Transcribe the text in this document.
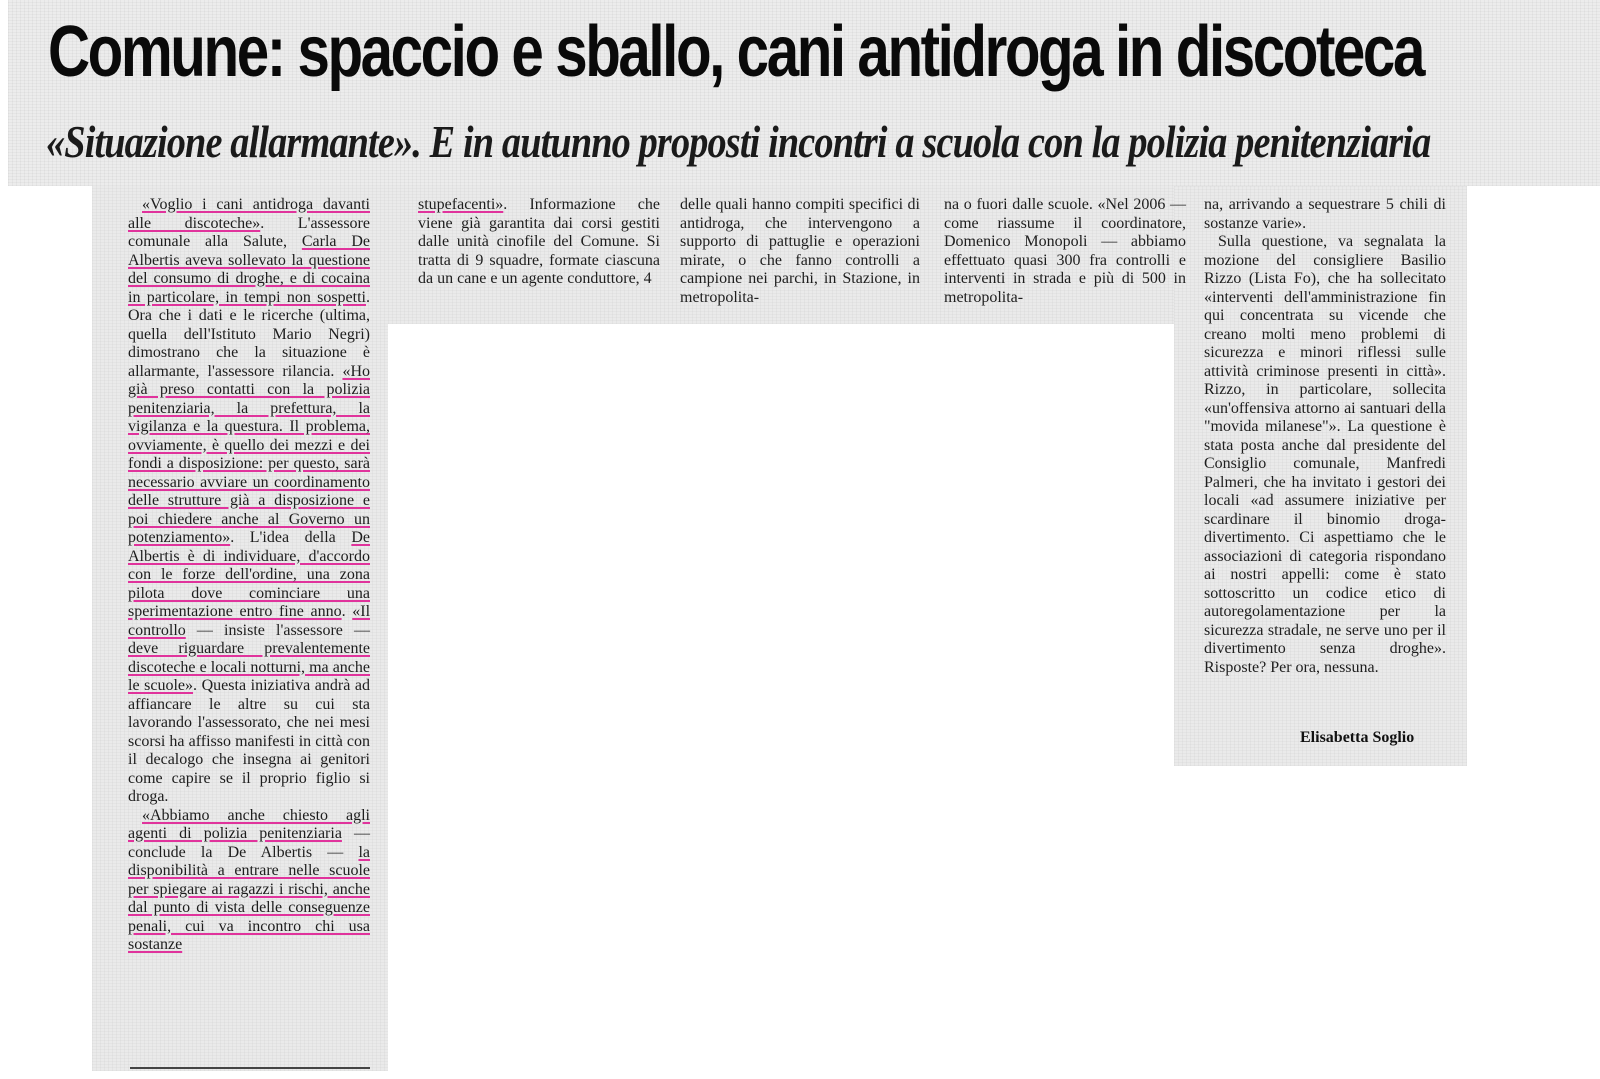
Comune: spaccio e sballo, cani antidroga in discoteca
«Situazione allarmante». E in autunno proposti incontri a scuola con la polizia penitenziaria

«Voglio i cani antidroga davanti alle discoteche». L'assessore comunale alla Salute, Carla De Albertis aveva sollevato la questione del consumo di droghe, e di cocaina in particolare, in tempi non sospetti. Ora che i dati e le ricerche (ultima, quella dell'Istituto Mario Negri) dimostrano che la situazione è allarmante, l'assessore rilancia. «Ho già preso contatti con la polizia penitenziaria, la prefettura, la vigilanza e la questura. Il problema, ovviamente, è quello dei mezzi e dei fondi a disposizione: per questo, sarà necessario avviare un coordinamento delle strutture già a disposizione e poi chiedere anche al Governo un potenziamento». L'idea della De Albertis è di individuare, d'accordo con le forze dell'ordine, una zona pilota dove cominciare una sperimentazione entro fine anno. «Il controllo — insiste l'assessore — deve riguardare prevalentemente discoteche e locali notturni, ma anche le scuole». Questa iniziativa andrà ad affiancare le altre su cui sta lavorando l'assessorato, che nei mesi scorsi ha affisso manifesti in città con il decalogo che insegna ai genitori come capire se il proprio figlio si droga.

«Abbiamo anche chiesto agli agenti di polizia penitenziaria — conclude la De Albertis — la disponibilità a entrare nelle scuole per spiegare ai ragazzi i rischi, anche dal punto di vista delle conseguenze penali, cui va incontro chi usa sostanze

stupefacenti». Informazione che viene già garantita dai corsi gestiti dalle unità cinofile del Comune. Si tratta di 9 squadre, formate ciascuna da un cane e un agente conduttore, 4

delle quali hanno compiti specifici di antidroga, che intervengono a supporto di pattuglie e operazioni mirate, o che fanno controlli a campione nei parchi, in Stazione, in metropolita-

na o fuori dalle scuole. «Nel 2006 — come riassume il coordinatore, Domenico Monopoli — abbiamo effettuato quasi 300 fra controlli e interventi in strada e più di 500 in metropolita-

na, arrivando a sequestrare 5 chili di sostanze varie».

Sulla questione, va segnalata la mozione del consigliere Basilio Rizzo (Lista Fo), che ha sollecitato «interventi dell'amministrazione fin qui concentrata su vicende che creano molti meno problemi di sicurezza e minori riflessi sulle attività criminose presenti in città». Rizzo, in particolare, sollecita «un'offensiva attorno ai santuari della "movida milanese"». La questione è stata posta anche dal presidente del Consiglio comunale, Manfredi Palmeri, che ha invitato i gestori dei locali «ad assumere iniziative per scardinare il binomio droga-divertimento. Ci aspettiamo che le associazioni di categoria rispondano ai nostri appelli: come è stato sottoscritto un codice etico di autoregolamentazione per la sicurezza stradale, ne serve uno per il divertimento senza droghe». Risposte? Per ora, nessuna.

Elisabetta Soglio
